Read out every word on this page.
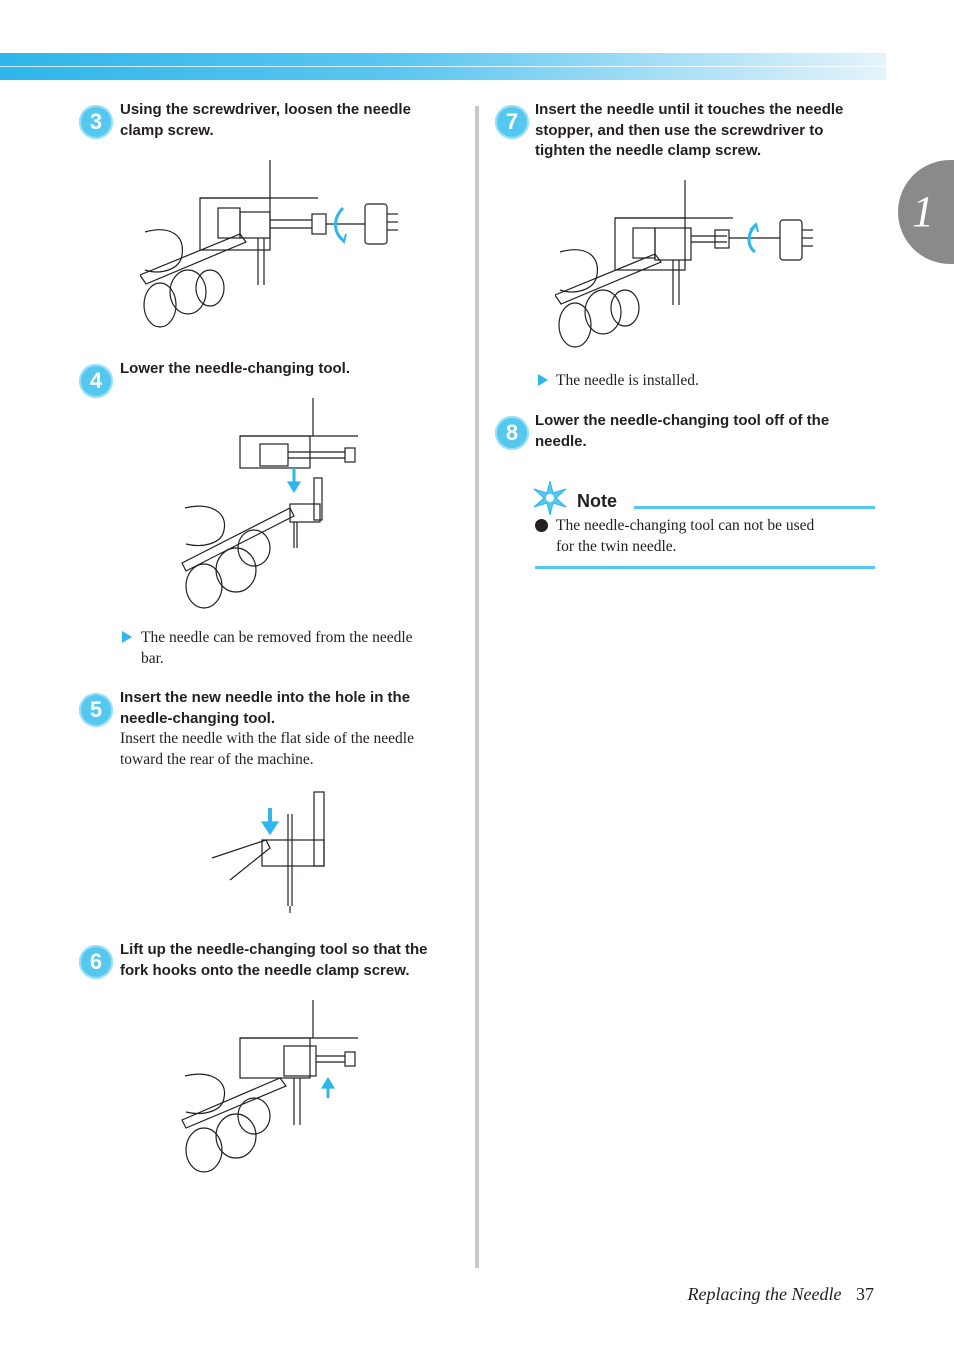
1
3	Using the screwdriver, loosen the needle
clamp screw.
4	Lower the needle-changing tool.
The needle can be removed from the needle
bar.
5	Insert the new needle into the hole in the
needle-changing tool.
Insert the needle with the flat side of the needle
toward the rear of the machine.
6	Lift up the needle-changing tool so that the
fork hooks onto the needle clamp screw.
7	Insert the needle until it touches the needle
stopper, and then use the screwdriver to
tighten the needle clamp screw.
The needle is installed.
8	Lower the needle-changing tool off of the
needle.
Note
The needle-changing tool can not be used
for the twin needle.
Replacing the Needle 37
